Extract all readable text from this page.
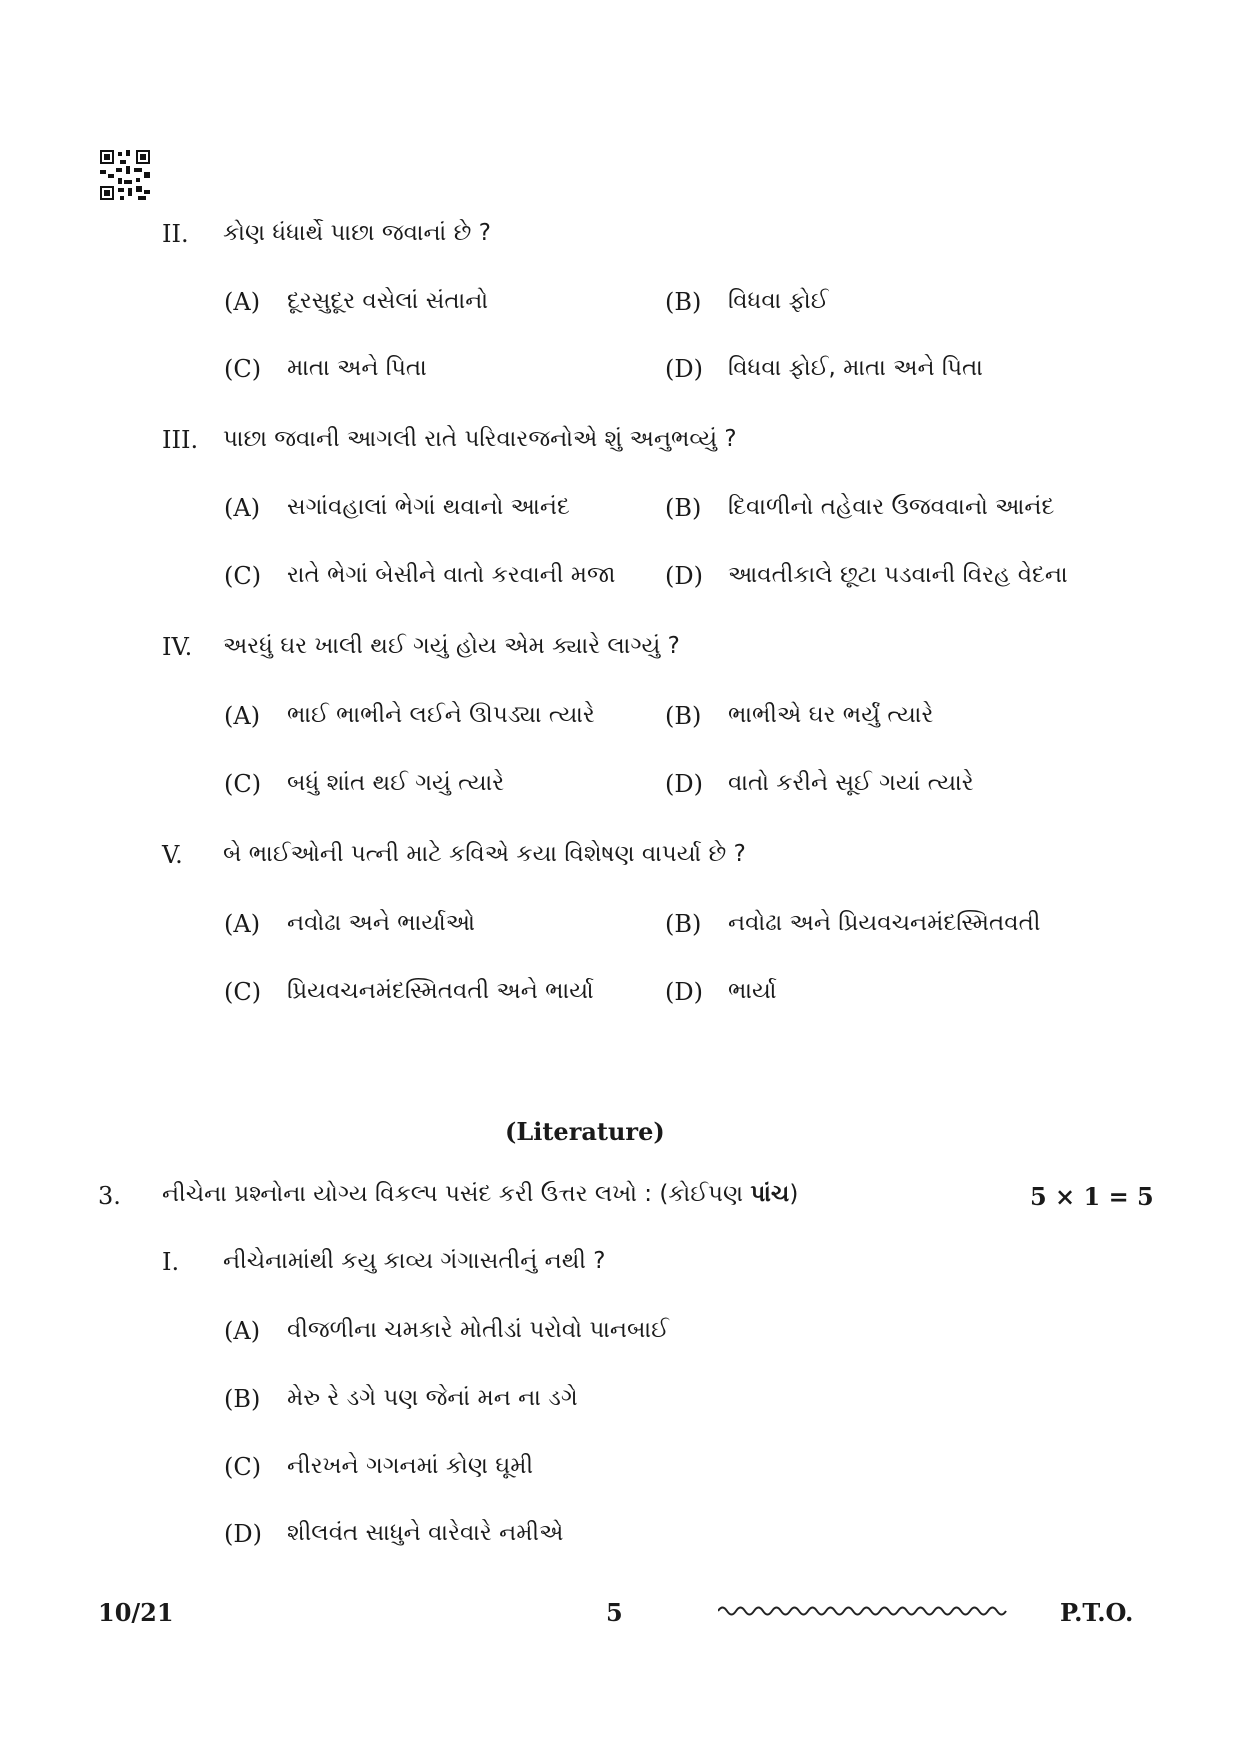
II. કોણ ધંધાર્થે પાછા જવાનાં છે ?
(A) દૂરસુદૂર વસેલાં સંતાનો	(B) વિધવા ફોઈ
(C) માતા અને પિતા	(D) વિધવા ફોઈ, માતા અને પિતા
III. પાછા જવાની આગલી રાતે પરિવારજનોએ શું અનુભવ્યું ?
(A) સગાંવહાલાં ભેગાં થવાનો આનંદ	(B) દિવાળીનો તહેવાર ઉજવવાનો આનંદ
(C) રાતે ભેગાં બેસીને વાતો કરવાની મજા (D) આવતીકાલે છૂટા પડવાની વિરહ વેદના
IV. અરધું ઘર ખાલી થઈ ગયું હોય એમ ક્યારે લાગ્યું ?
(A) ભાઈ ભાભીને લઈને ઊપડ્યા ત્યારે	(B) ભાભીએ ઘર ભર્યું ત્યારે
(C) બધું શાંત થઈ ગયું ત્યારે	(D) વાતો કરીને સૂઈ ગયાં ત્યારે
V. બે ભાઈઓની પત્ની માટે કવિએ કયા વિશેષણ વાપર્યા છે ?
(A) નવોઢા અને ભાર્યાઓ	(B) નવોઢા અને પ્રિયવચનમંદસ્મિતવતી
(C) પ્રિયવચનમંદસ્મિતવતી અને ભાર્યા	(D) ભાર્યા
(Literature)
3. નીચેના પ્રશ્નોના યોગ્ય વિકલ્પ પસંદ કરી ઉત્તર લખો : (કોઈપણ પાંચ)	5 × 1 = 5
I. નીચેનામાંથી કયુ કાવ્ય ગંગાસતીનું નથી ?
(A) વીજળીના ચમકારે મોતીડાં પરોવો પાનબાઈ
(B) મેરુ રે ડગે પણ જેનાં મન ના ડગે
(C) નીરખને ગગનમાં કોણ ઘૂમી
(D) શીલવંત સાધુને વારેવારે નમીએ
10/21	5	P.T.O.
